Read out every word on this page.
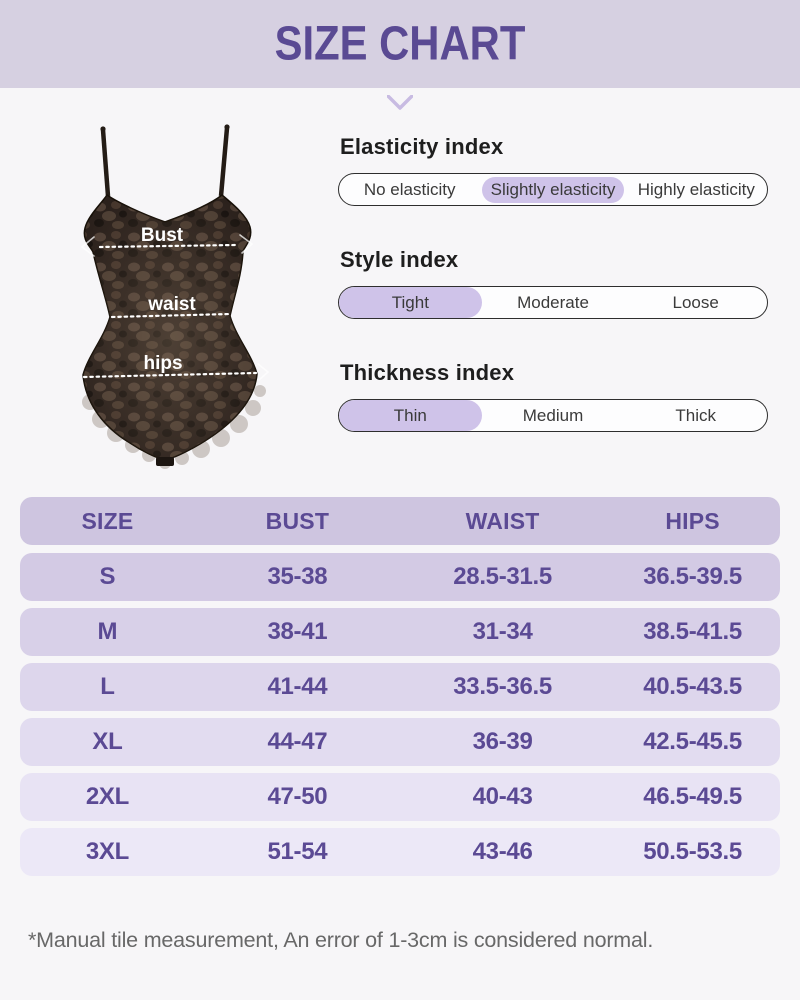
SIZE CHART
Bust
waist
hips
Elasticity index
No elasticity	Slightly elasticity	Highly elasticity
Style index
Tight	Moderate	Loose
Thickness index
Thin	Medium	Thick
SIZE	BUST	WAIST	HIPS
S	35-38	28.5-31.5	36.5-39.5
M	38-41	31-34	38.5-41.5
L	41-44	33.5-36.5	40.5-43.5
XL	44-47	36-39	42.5-45.5
2XL	47-50	40-43	46.5-49.5
3XL	51-54	43-46	50.5-53.5

*Manual tile measurement, An error of 1-3cm is considered normal.
